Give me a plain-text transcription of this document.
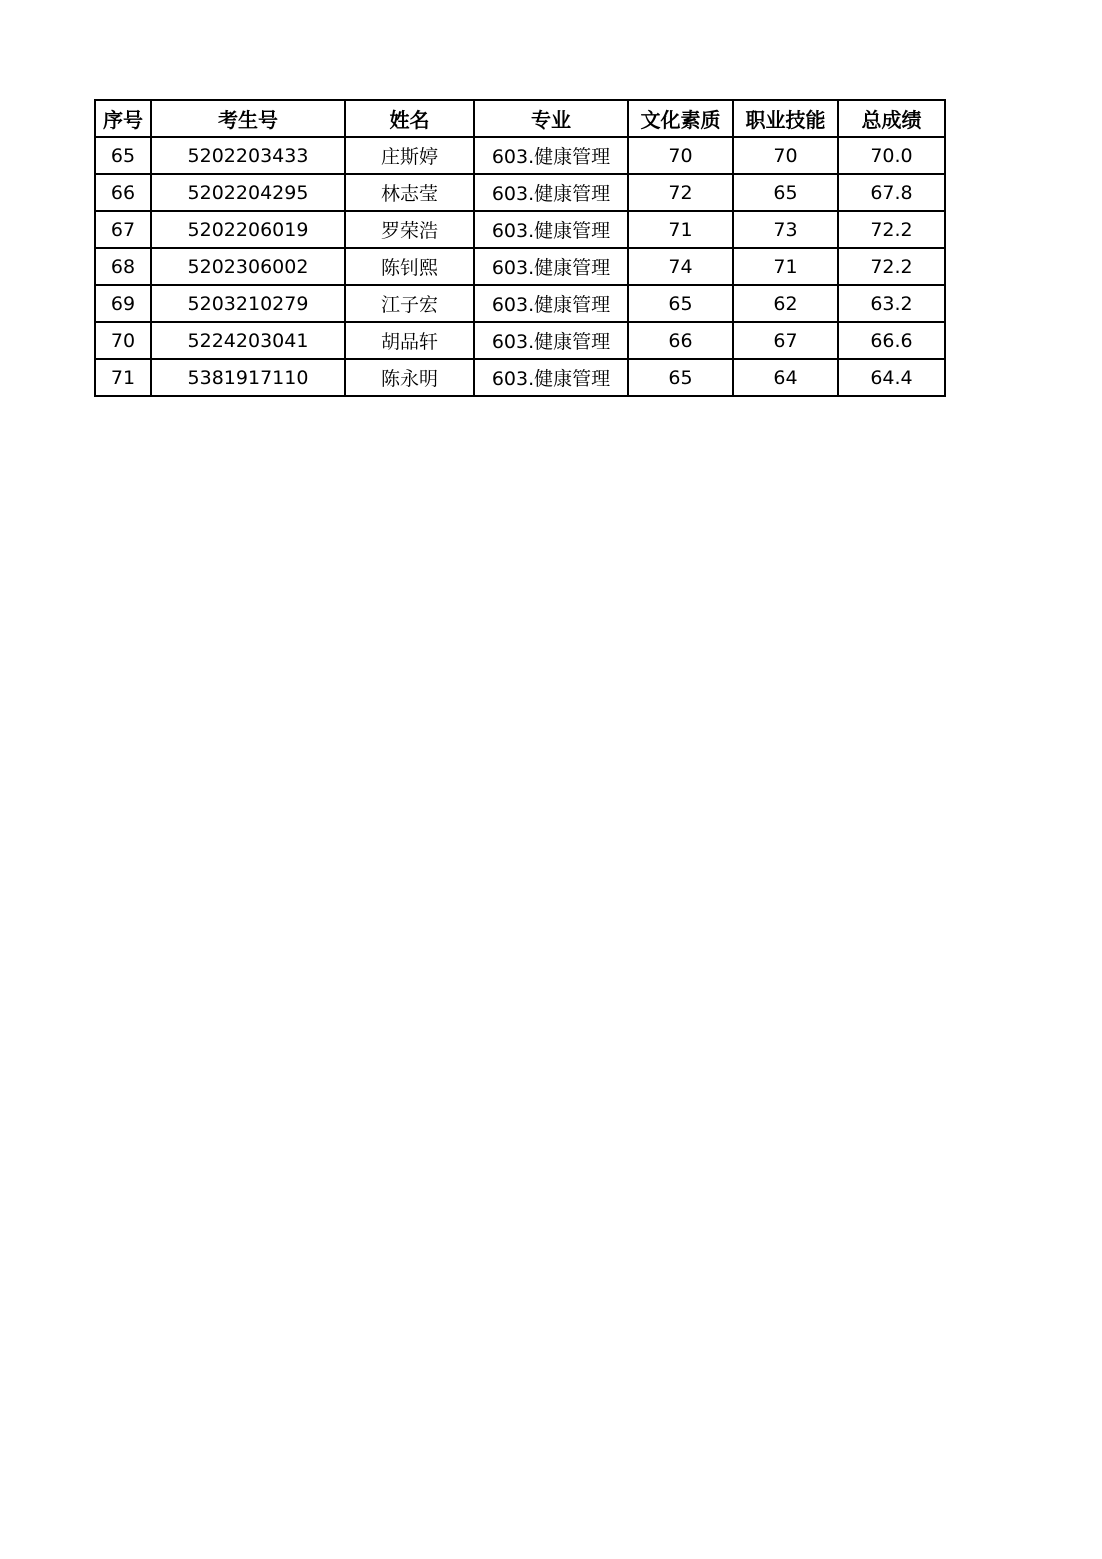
序号	考生号	姓名	专业	文化素质	职业技能	总成绩
65	5202203433	庄斯婷	603.健康管理	70	70	70.0
66	5202204295	林志莹	603.健康管理	72	65	67.8
67	5202206019	罗荣浩	603.健康管理	71	73	72.2
68	5202306002	陈钊熙	603.健康管理	74	71	72.2
69	5203210279	江子宏	603.健康管理	65	62	63.2
70	5224203041	胡品轩	603.健康管理	66	67	66.6
71	5381917110	陈永明	603.健康管理	65	64	64.4
